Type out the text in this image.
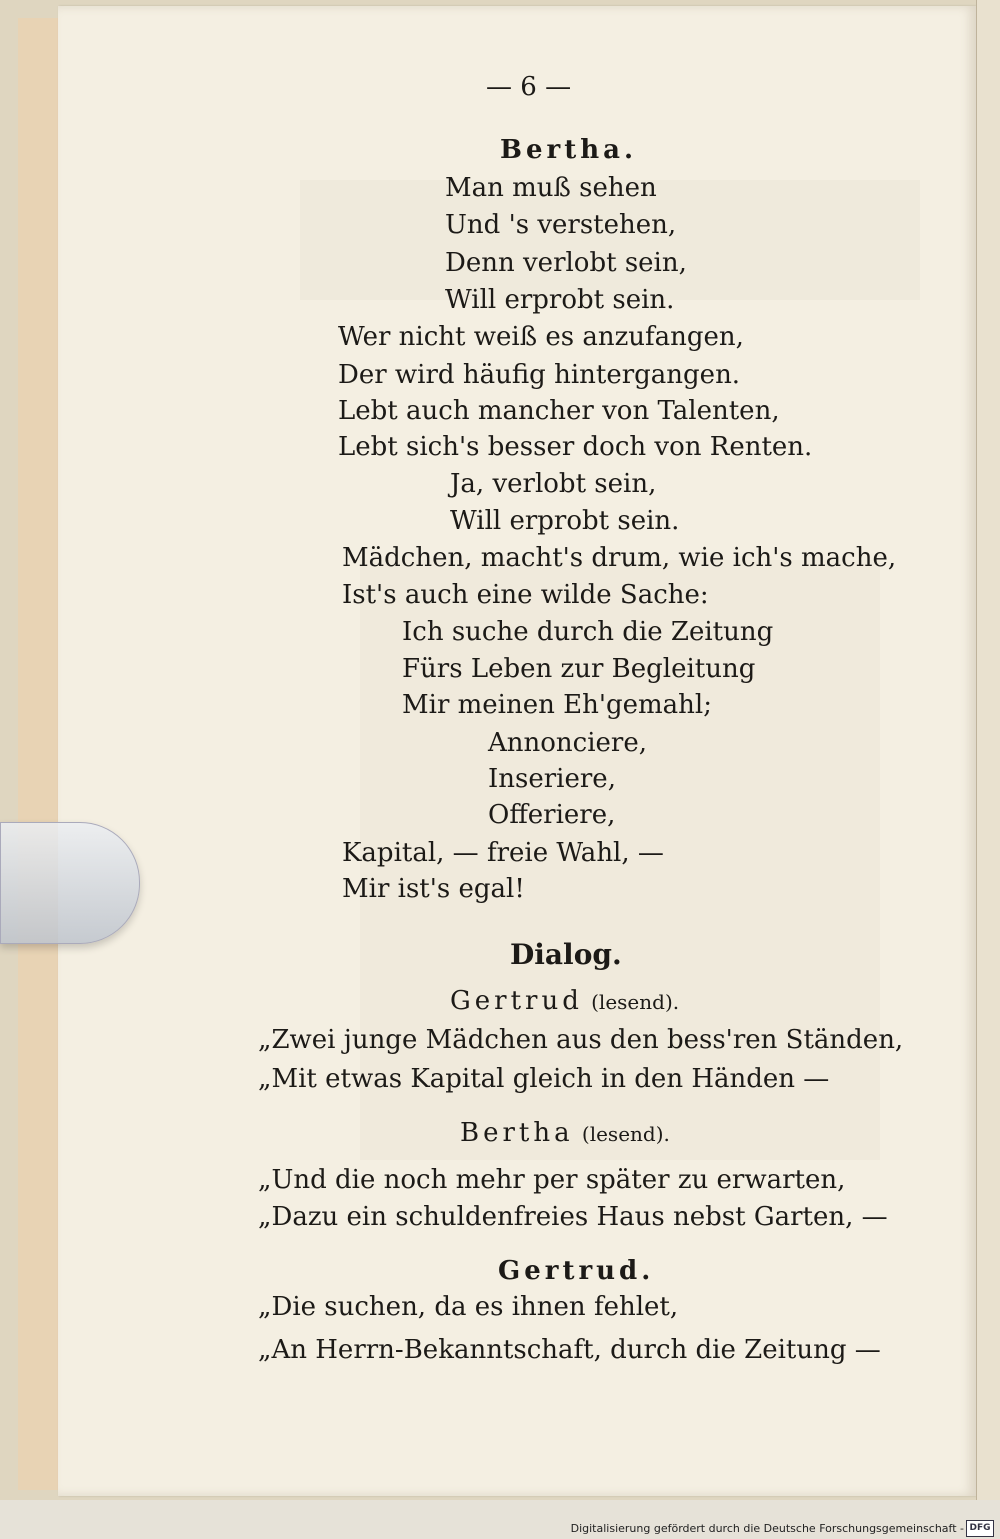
— 6 —
Bertha.
Man muß sehen
Und 's verstehen,
Denn verlobt sein,
Will erprobt sein.
Wer nicht weiß es anzufangen,
Der wird häufig hintergangen.
Lebt auch mancher von Talenten,
Lebt sich's besser doch von Renten.
Ja, verlobt sein,
Will erprobt sein.
Mädchen, macht's drum, wie ich's mache,
Ist's auch eine wilde Sache:
Ich suche durch die Zeitung
Fürs Leben zur Begleitung
Mir meinen Eh'gemahl;
Annonciere,
Inseriere,
Offeriere,
Kapital, — freie Wahl, —
Mir ist's egal!
Dialog.
Gertrud (lesend).
„Zwei junge Mädchen aus den bess'ren Ständen,
„Mit etwas Kapital gleich in den Händen —
Bertha (lesend).
„Und die noch mehr per später zu erwarten,
„Dazu ein schuldenfreies Haus nebst Garten, —
Gertrud.
„Die suchen, da es ihnen fehlet,
„An Herrn-Bekanntschaft, durch die Zeitung —
Digitalisierung gefördert durch die Deutsche Forschungsgemeinschaft - DFG
